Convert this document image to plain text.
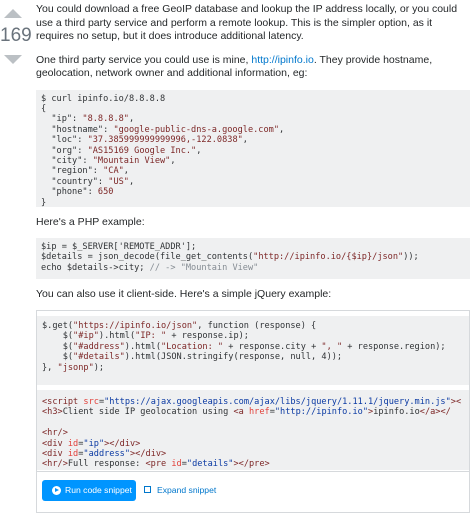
169

You could download a free GeoIP database and lookup the IP address locally, or you could use a third party service and perform a remote lookup. This is the simpler option, as it requires no setup, but it does introduce additional latency.

One third party service you could use is mine, http://ipinfo.io. They provide hostname, geolocation, network owner and additional information, eg:

$ curl ipinfo.io/8.8.8.8
{
"ip": "8.8.8.8",
"hostname": "google-public-dns-a.google.com",
"loc": "37.385999999999996,-122.0838",
"org": "AS15169 Google Inc.",
"city": "Mountain View",
"region": "CA",
"country": "US",
"phone": 650
}

Here's a PHP example:

$ip = $_SERVER['REMOTE_ADDR'];
$details = json_decode(file_get_contents("http://ipinfo.io/{$ip}/json"));
echo $details->city; // -> "Mountain View"

You can also use it client-side. Here's a simple jQuery example:

$.get("https://ipinfo.io/json", function (response) {
$("#ip").html("IP: " + response.ip);
$("#address").html("Location: " + response.city + ", " + response.region);
$("#details").html(JSON.stringify(response, null, 4));
}, "jsonp");
<script src="https://ajax.googleapis.com/ajax/libs/jquery/1.11.1/jquery.min.js"><
<h3>Client side IP geolocation using <a href="http://ipinfo.io">ipinfo.io</a></

<hr/>
<div id="ip"></div>
<div id="address"></div>
<hr/>Full response: <pre id="details"></pre>
Run code snippet	Expand snippet
